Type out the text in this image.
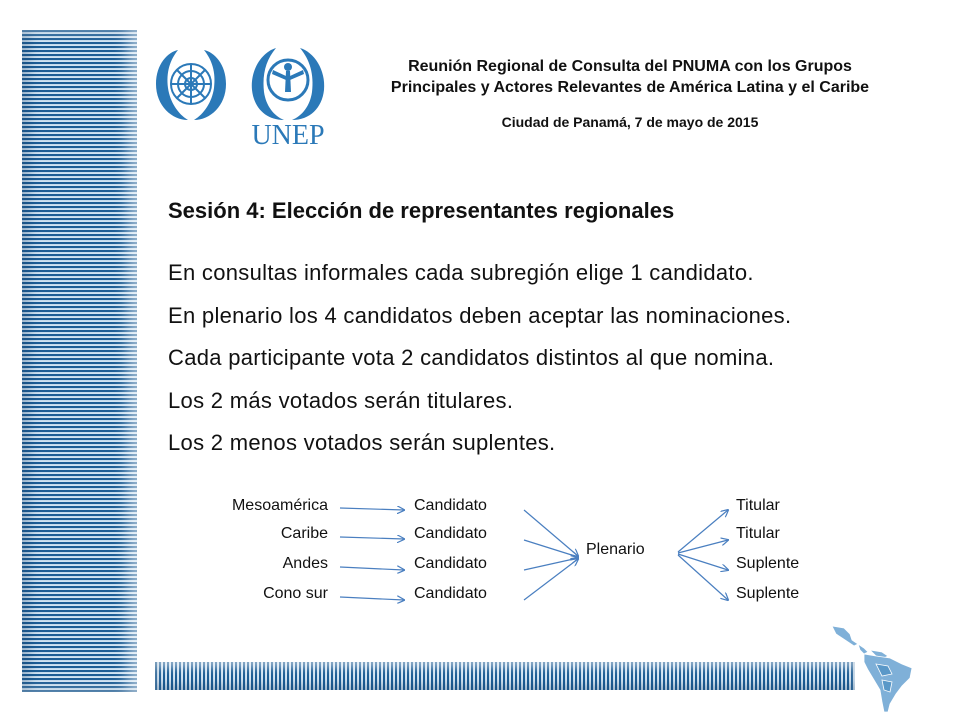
UNEP
Reunión Regional de Consulta del PNUMA con los Grupos
Principales y Actores Relevantes de América Latina y el Caribe
Ciudad de Panamá, 7 de mayo de 2015
Sesión 4: Elección de representantes regionales
En consultas informales cada subregión elige 1 candidato.
En plenario los 4 candidatos deben aceptar las nominaciones.
Cada participante vota 2 candidatos distintos al que nomina.
Los 2 más votados serán titulares.
Los 2 menos votados serán suplentes.
Mesoamérica
Caribe
Andes
Cono sur
Candidato
Candidato
Candidato
Candidato
Plenario
Titular
Titular
Suplente
Suplente
